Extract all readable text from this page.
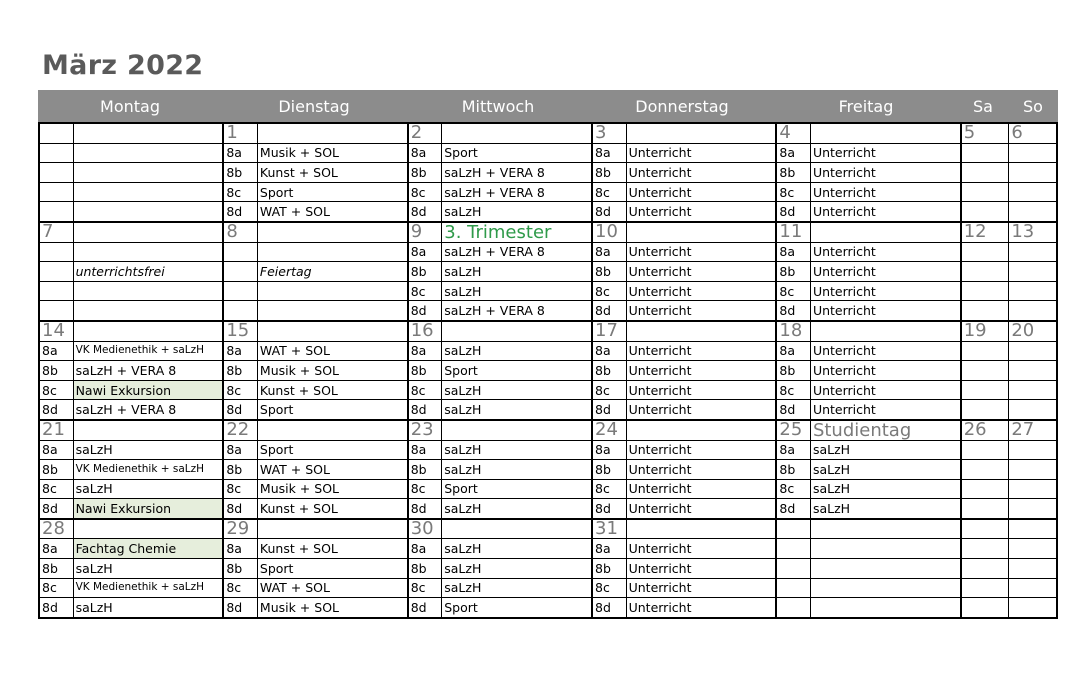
März 2022
Montag	Dienstag	Mittwoch	Donnerstag	Freitag	Sa	So
		1		2		3		4		5	6
		8a	Musik + SOL	8a	Sport	8a	Unterricht	8a	Unterricht		
		8b	Kunst + SOL	8b	saLzH + VERA 8	8b	Unterricht	8b	Unterricht		
		8c	Sport	8c	saLzH + VERA 8	8c	Unterricht	8c	Unterricht		
		8d	WAT + SOL	8d	saLzH	8d	Unterricht	8d	Unterricht		
7		8		9	3. Trimester	10		11		12	13
				8a	saLzH + VERA 8	8a	Unterricht	8a	Unterricht		
	unterrichtsfrei		Feiertag	8b	saLzH	8b	Unterricht	8b	Unterricht		
				8c	saLzH	8c	Unterricht	8c	Unterricht		
				8d	saLzH + VERA 8	8d	Unterricht	8d	Unterricht		
14		15		16		17		18		19	20
8a	VK Medienethik + saLzH	8a	WAT + SOL	8a	saLzH	8a	Unterricht	8a	Unterricht		
8b	saLzH + VERA 8	8b	Musik + SOL	8b	Sport	8b	Unterricht	8b	Unterricht		
8c	Nawi Exkursion	8c	Kunst + SOL	8c	saLzH	8c	Unterricht	8c	Unterricht		
8d	saLzH + VERA 8	8d	Sport	8d	saLzH	8d	Unterricht	8d	Unterricht		
21		22		23		24		25	Studientag	26	27
8a	saLzH	8a	Sport	8a	saLzH	8a	Unterricht	8a	saLzH		
8b	VK Medienethik + saLzH	8b	WAT + SOL	8b	saLzH	8b	Unterricht	8b	saLzH		
8c	saLzH	8c	Musik + SOL	8c	Sport	8c	Unterricht	8c	saLzH		
8d	Nawi Exkursion	8d	Kunst + SOL	8d	saLzH	8d	Unterricht	8d	saLzH		
28		29		30		31					
8a	Fachtag Chemie	8a	Kunst + SOL	8a	saLzH	8a	Unterricht				
8b	saLzH	8b	Sport	8b	saLzH	8b	Unterricht				
8c	VK Medienethik + saLzH	8c	WAT + SOL	8c	saLzH	8c	Unterricht				
8d	saLzH	8d	Musik + SOL	8d	Sport	8d	Unterricht				
